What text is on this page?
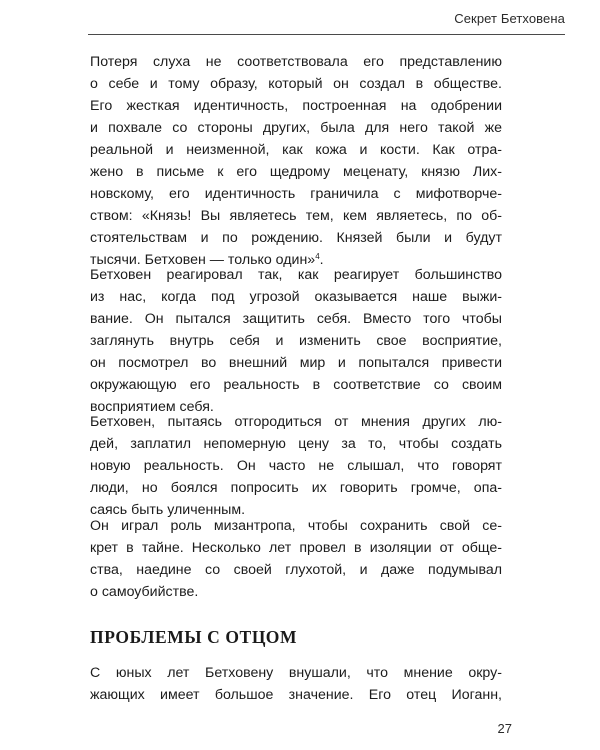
Секрет Бетховена
Потеря слуха не соответствовала его представлению
о себе и тому образу, который он создал в обществе.
Его жесткая идентичность, построенная на одобрении
и похвале со стороны других, была для него такой же
реальной и неизменной, как кожа и кости. Как отра-
жено в письме к его щедрому меценату, князю Лих-
новскому, его идентичность граничила с мифотворче-
ством: «Князь! Вы являетесь тем, кем являетесь, по об-
стоятельствам и по рождению. Князей были и будут
тысячи. Бетховен — только один»$^4$.
Бетховен реагировал так, как реагирует большинство
из нас, когда под угрозой оказывается наше выжи-
вание. Он пытался защитить себя. Вместо того чтобы
заглянуть внутрь себя и изменить свое восприятие,
он посмотрел во внешний мир и попытался привести
окружающую его реальность в соответствие со своим
восприятием себя.
Бетховен, пытаясь отгородиться от мнения других лю-
дей, заплатил непомерную цену за то, чтобы создать
новую реальность. Он часто не слышал, что говорят
люди, но боялся попросить их говорить громче, опа-
саясь быть уличенным.
Он играл роль мизантропа, чтобы сохранить свой се-
крет в тайне. Несколько лет провел в изоляции от обще-
ства, наедине со своей глухотой, и даже подумывал
о самоубийстве.
ПРОБЛЕМЫ С ОТЦОМ
С юных лет Бетховену внушали, что мнение окру-
жающих имеет большое значение. Его отец Иоганн,
27
